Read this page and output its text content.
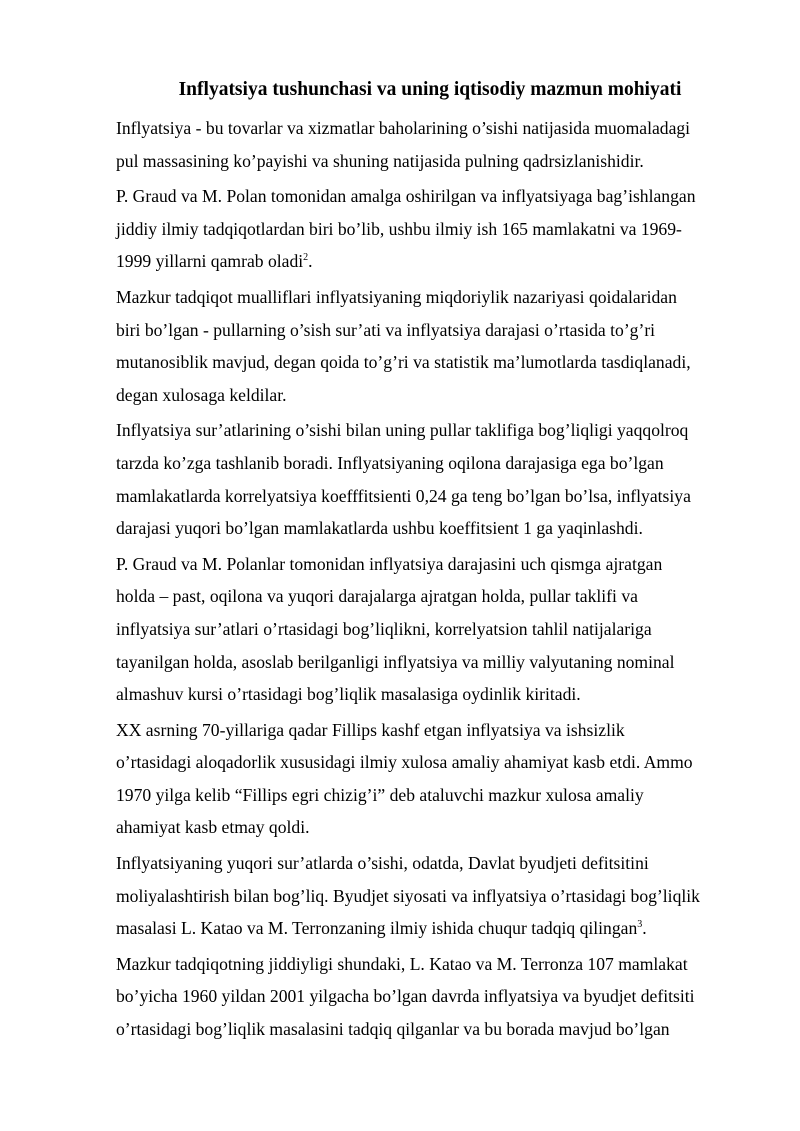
Inflyatsiya tushunchasi va uning iqtisodiy mazmun mohiyati
Inflyatsiya - bu tovarlar va xizmatlar baholarining o’sishi natijasida muomaladagi
pul massasining ko’payishi va shuning natijasida pulning qadrsizlanishidir.
P. Graud va M. Polan tomonidan amalga oshirilgan va inflyatsiyaga bag’ishlangan
jiddiy ilmiy tadqiqotlardan biri bo’lib, ushbu ilmiy ish 165 mamlakatni va 1969-
1999 yillarni qamrab oladi$^2$.
Mazkur tadqiqot mualliflari inflyatsiyaning miqdoriylik nazariyasi qoidalaridan
biri bo’lgan - pullarning o’sish sur’ati va inflyatsiya darajasi o’rtasida to’g’ri
mutanosiblik mavjud, degan qoida to’g’ri va statistik ma’lumotlarda tasdiqlanadi,
degan xulosaga keldilar.
Inflyatsiya sur’atlarining o’sishi bilan uning pullar taklifiga bog’liqligi yaqqolroq
tarzda ko’zga tashlanib boradi. Inflyatsiyaning oqilona darajasiga ega bo’lgan
mamlakatlarda korrelyatsiya koefffitsienti 0,24 ga teng bo’lgan bo’lsa, inflyatsiya
darajasi yuqori bo’lgan mamlakatlarda ushbu koeffitsient 1 ga yaqinlashdi.
P. Graud va M. Polanlar tomonidan inflyatsiya darajasini uch qismga ajratgan
holda – past, oqilona va yuqori darajalarga ajratgan holda, pullar taklifi va
inflyatsiya sur’atlari o’rtasidagi bog’liqlikni, korrelyatsion tahlil natijalariga
tayanilgan holda, asoslab berilganligi inflyatsiya va milliy valyutaning nominal
almashuv kursi o’rtasidagi bog’liqlik masalasiga oydinlik kiritadi.
XX asrning 70-yillariga qadar Fillips kashf etgan inflyatsiya va ishsizlik
o’rtasidagi aloqadorlik xususidagi ilmiy xulosa amaliy ahamiyat kasb etdi. Ammo
1970 yilga kelib “Fillips egri chizig’i” deb ataluvchi mazkur xulosa amaliy
ahamiyat kasb etmay qoldi.
Inflyatsiyaning yuqori sur’atlarda o’sishi, odatda, Davlat byudjeti defitsitini
moliyalashtirish bilan bog’liq. Byudjet siyosati va inflyatsiya o’rtasidagi bog’liqlik
masalasi L. Katao va M. Terronzaning ilmiy ishida chuqur tadqiq qilingan$^3$.
Mazkur tadqiqotning jiddiyligi shundaki, L. Katao va M. Terronza 107 mamlakat
bo’yicha 1960 yildan 2001 yilgacha bo’lgan davrda inflyatsiya va byudjet defitsiti
o’rtasidagi bog’liqlik masalasini tadqiq qilganlar va bu borada mavjud bo’lgan
